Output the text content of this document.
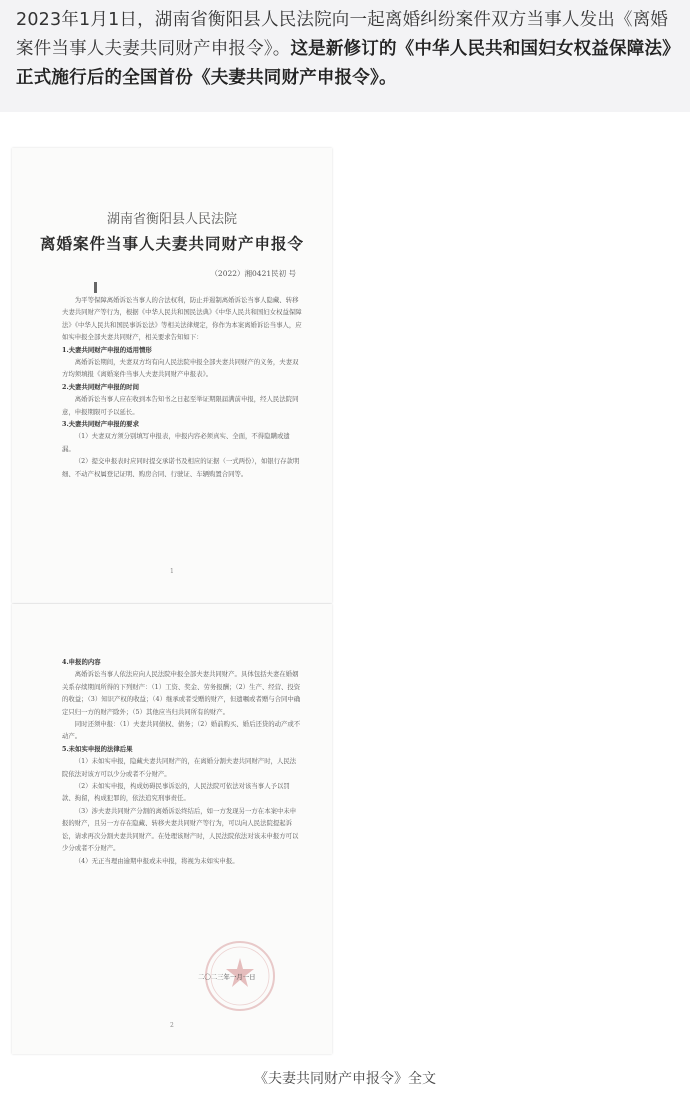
2023年1月1日，湖南省衡阳县人民法院向一起离婚纠纷案件双方当事人发出《离婚案件当事人夫妻共同财产申报令》。这是新修订的《中华人民共和国妇女权益保障法》正式施行后的全国首份《夫妻共同财产申报令》。

湖南省衡阳县人民法院
离婚案件当事人夫妻共同财产申报令
（2022）湘0421民初 号
为平等保障离婚诉讼当事人的合法权利，防止并遏制离婚诉讼当事人隐藏、转移夫妻共同财产等行为，根据《中华人民共和国民法典》《中华人民共和国妇女权益保障法》《中华人民共和国民事诉讼法》等相关法律规定，你作为本案离婚诉讼当事人，应如实申报全部夫妻共同财产，相关要求告知如下：
1.夫妻共同财产申报的适用情形
离婚诉讼期间，夫妻双方均有向人民法院申报全部夫妻共同财产的义务，夫妻双方均须填报《离婚案件当事人夫妻共同财产申报表》。
2.夫妻共同财产申报的时间
离婚诉讼当事人应在收到本告知书之日起至举证期限届满前申报，经人民法院同意，申报期限可予以延长。
3.夫妻共同财产申报的要求
（1）夫妻双方须分别填写申报表，申报内容必须真实、全面，不得隐瞒或遗漏。
（2）提交申报表时应同时提交承诺书及相应的证据（一式两份），如银行存款明细、不动产权属登记证明、购房合同、行驶证、车辆购置合同等。
1
4.申报的内容
离婚诉讼当事人依法应向人民法院申报全部夫妻共同财产。具体包括夫妻在婚姻关系存续期间所得的下列财产：（1）工资、奖金、劳务报酬；（2）生产、经营、投资的收益；（3）知识产权的收益；（4）继承或者受赠的财产，但遗嘱或者赠与合同中确定只归一方的财产除外；（5）其他应当归共同所有的财产。
同时还须申报：（1）夫妻共同债权、债务；（2）婚前购买、婚后还贷的动产或不动产。
5.未如实申报的法律后果
（1）未如实申报，隐藏夫妻共同财产的，在离婚分割夫妻共同财产时，人民法院依法对该方可以少分或者不分财产。
（2）未如实申报，构成妨碍民事诉讼的，人民法院可依法对该当事人予以罚款、拘留，构成犯罪的，依法追究刑事责任。
（3）涉夫妻共同财产分割的离婚诉讼终结后，如一方发现另一方在本案中未申报的财产，且另一方存在隐藏、转移夫妻共同财产等行为，可以向人民法院提起诉讼，请求再次分割夫妻共同财产。在处理该财产时，人民法院依法对该未申报方可以少分或者不分财产。
（4）无正当理由逾期申报或未申报，将视为未如实申报。
二〇二三年一月一日
2
《夫妻共同财产申报令》全文
